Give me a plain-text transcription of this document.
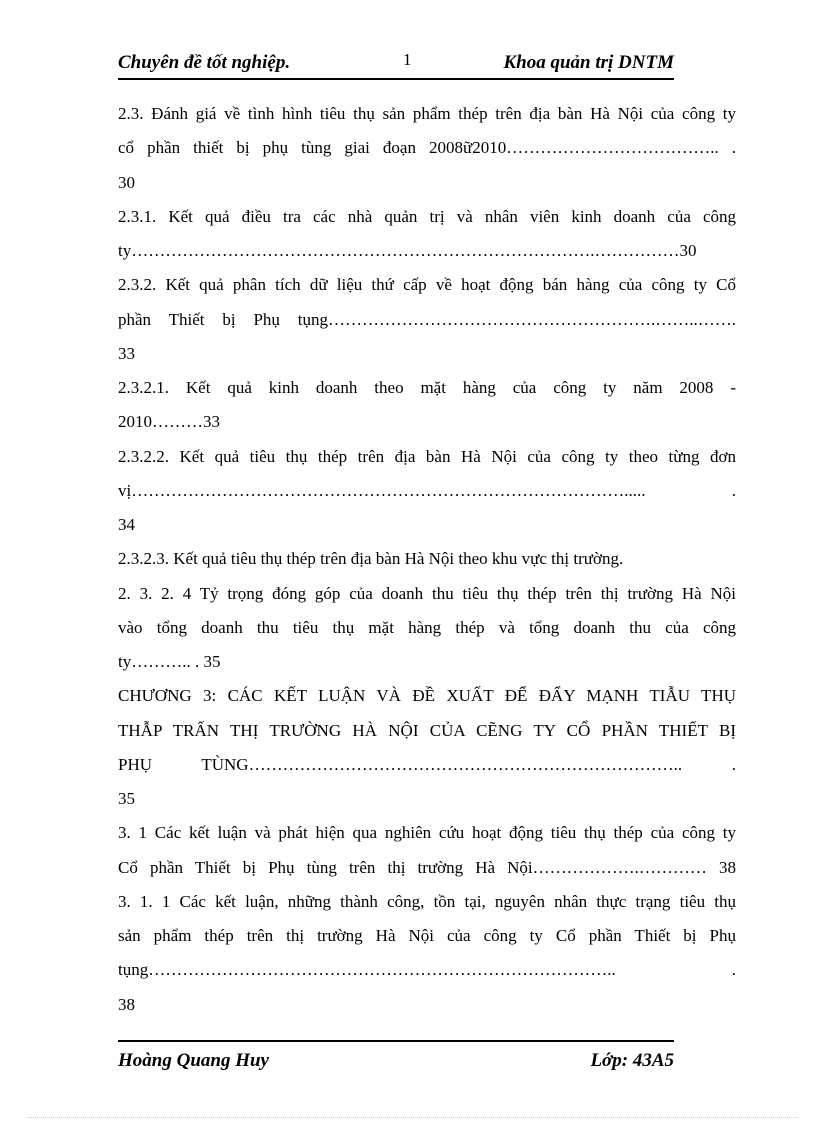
Chuyên đề tốt nghiệp.	1	Khoa quản trị DNTM
2.3. Đánh giá về tình hình tiêu thụ sản phẩm thép trên địa bàn Hà Nội của công ty
cổ phần thiết bị phụ tùng giai đoạn 2008ữ2010……………………………….. .
30
2.3.1. Kết quả điều tra các nhà quản trị và nhân viên kinh doanh của công
ty……………………………………………………………………….……………30
2.3.2. Kết quả phân tích dữ liệu thứ cấp về hoạt động bán hàng của công ty Cổ
phần Thiết bị Phụ tụng………………………………………………….……..…….
33
2.3.2.1. Kết quả kinh doanh theo mặt hàng của công ty năm 2008 -
2010………33
2.3.2.2. Kết quả tiêu thụ thép trên địa bàn Hà Nội của công ty theo từng đơn
vị……………………………………………………………………………..... .
34
2.3.2.3. Kết quả tiêu thụ thép trên địa bàn Hà Nội theo khu vực thị trường.
2. 3. 2. 4 Tỷ trọng đóng góp của doanh thu tiêu thụ thép trên thị trường Hà Nội
vào tổng doanh thu tiêu thụ mặt hàng thép và tổng doanh thu của công
ty……….. . 35
CHƯƠNG 3: CÁC KẾT LUẬN VÀ ĐỀ XUẤT ĐỂ ĐẨY MẠNH TIẪU THỤ
THẪP TRẤN THỊ TRƯỜNG HÀ NỘI CỦA CẼNG TY CỔ PHẦN THIẾT BỊ
PHỤ TÙNG………………………………………………………………….. .
35
3. 1 Các kết luận và phát hiện qua nghiên cứu hoạt động tiêu thụ thép của công ty
Cổ phần Thiết bị Phụ tùng trên thị trường Hà Nội……………….………… 38
3. 1. 1 Các kết luận, những thành công, tồn tại, nguyên nhân thực trạng tiêu thụ
sản phẩm thép trên thị trường Hà Nội của công ty Cổ phần Thiết bị Phụ
tụng……………………………………………………………………….. .
38
Hoàng Quang Huy	Lớp: 43A5
